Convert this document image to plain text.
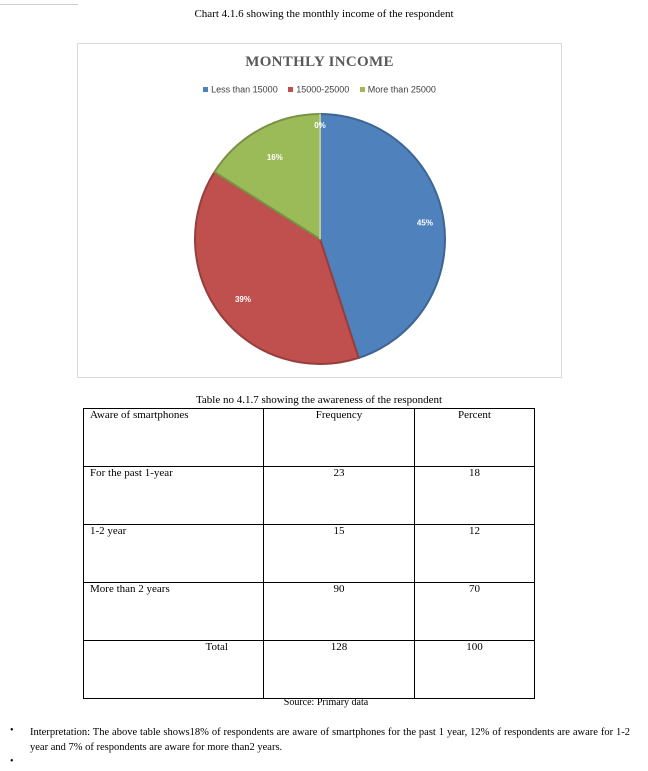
Chart 4.1.6 showing the monthly income of the respondent
MONTHLY INCOME
Less than 15000 15000-25000 More than 25000
45%
39%
16%
0%
Table no 4.1.7 showing the awareness of the respondent
Aware of smartphones	Frequency	Percent
For the past 1-year	23	18
1-2 year	15	12
More than 2 years	90	70
Total	128	100
Source: Primary data
• Interpretation: The above table shows18% of respondents are aware of smartphones for the past 1 year, 12% of respondents are aware for 1-2 year and 7% of respondents are aware for more than2 years.
•
